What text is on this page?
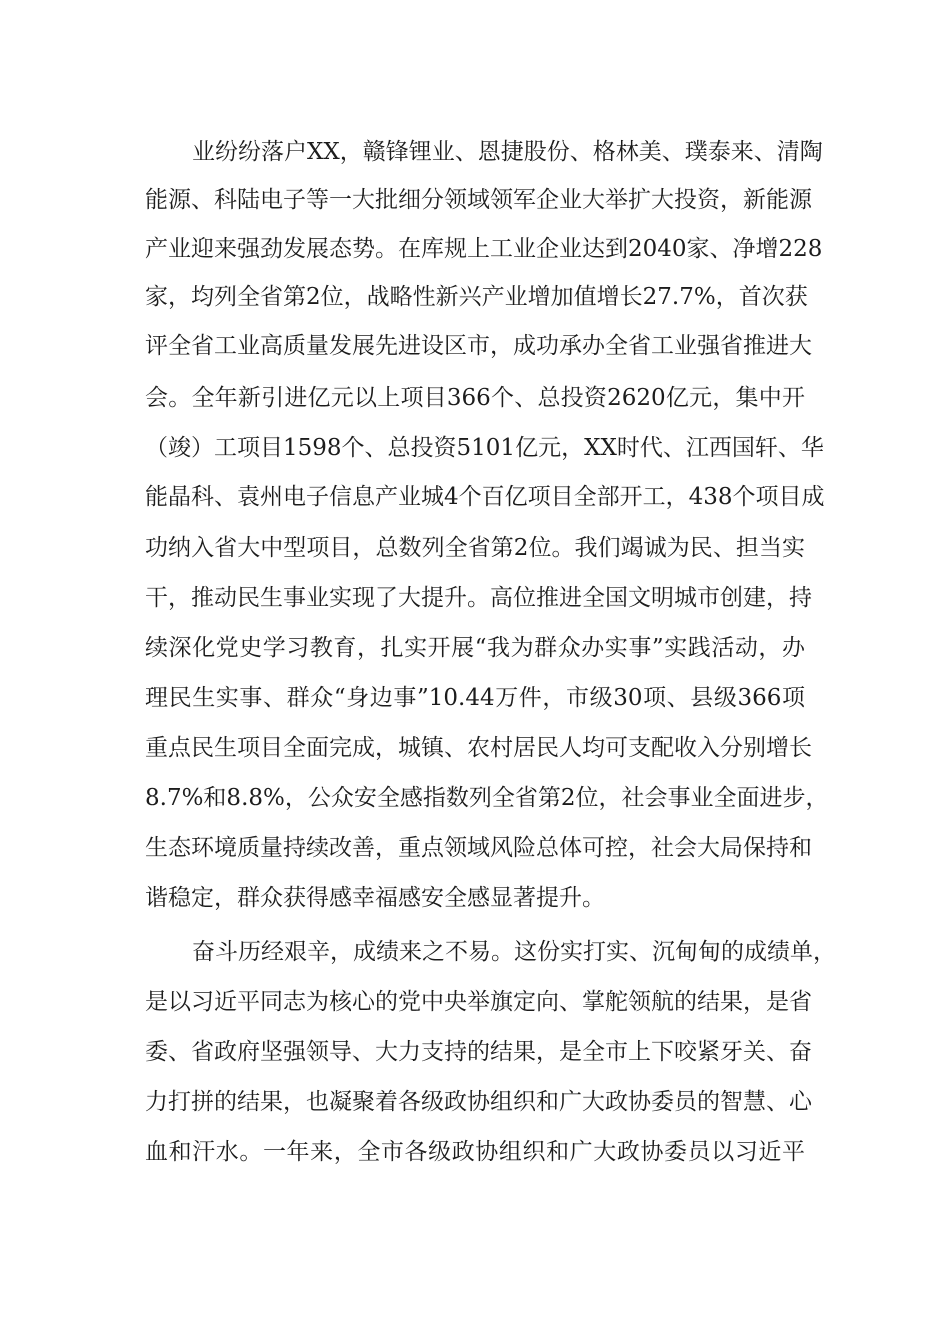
业纷纷落户XX，赣锋锂业、恩捷股份、格林美、璞泰来、清陶
能源、科陆电子等一大批细分领域领军企业大举扩大投资，新能源
产业迎来强劲发展态势。在库规上工业企业达到2040家、净增228
家，均列全省第2位，战略性新兴产业增加值增长27.7%，首次获
评全省工业高质量发展先进设区市，成功承办全省工业强省推进大
会。全年新引进亿元以上项目366个、总投资2620亿元，集中开
（竣）工项目1598个、总投资5101亿元，XX时代、江西国轩、华
能晶科、袁州电子信息产业城4个百亿项目全部开工，438个项目成
功纳入省大中型项目，总数列全省第2位。我们竭诚为民、担当实
干，推动民生事业实现了大提升。高位推进全国文明城市创建，持
续深化党史学习教育，扎实开展“我为群众办实事”实践活动，办
理民生实事、群众“身边事”10.44万件，市级30项、县级366项
重点民生项目全面完成，城镇、农村居民人均可支配收入分别增长
8.7%和8.8%，公众安全感指数列全省第2位，社会事业全面进步，
生态环境质量持续改善，重点领域风险总体可控，社会大局保持和
谐稳定，群众获得感幸福感安全感显著提升。
奋斗历经艰辛，成绩来之不易。这份实打实、沉甸甸的成绩单，
是以习近平同志为核心的党中央举旗定向、掌舵领航的结果，是省
委、省政府坚强领导、大力支持的结果，是全市上下咬紧牙关、奋
力打拼的结果，也凝聚着各级政协组织和广大政协委员的智慧、心
血和汗水。一年来，全市各级政协组织和广大政协委员以习近平
